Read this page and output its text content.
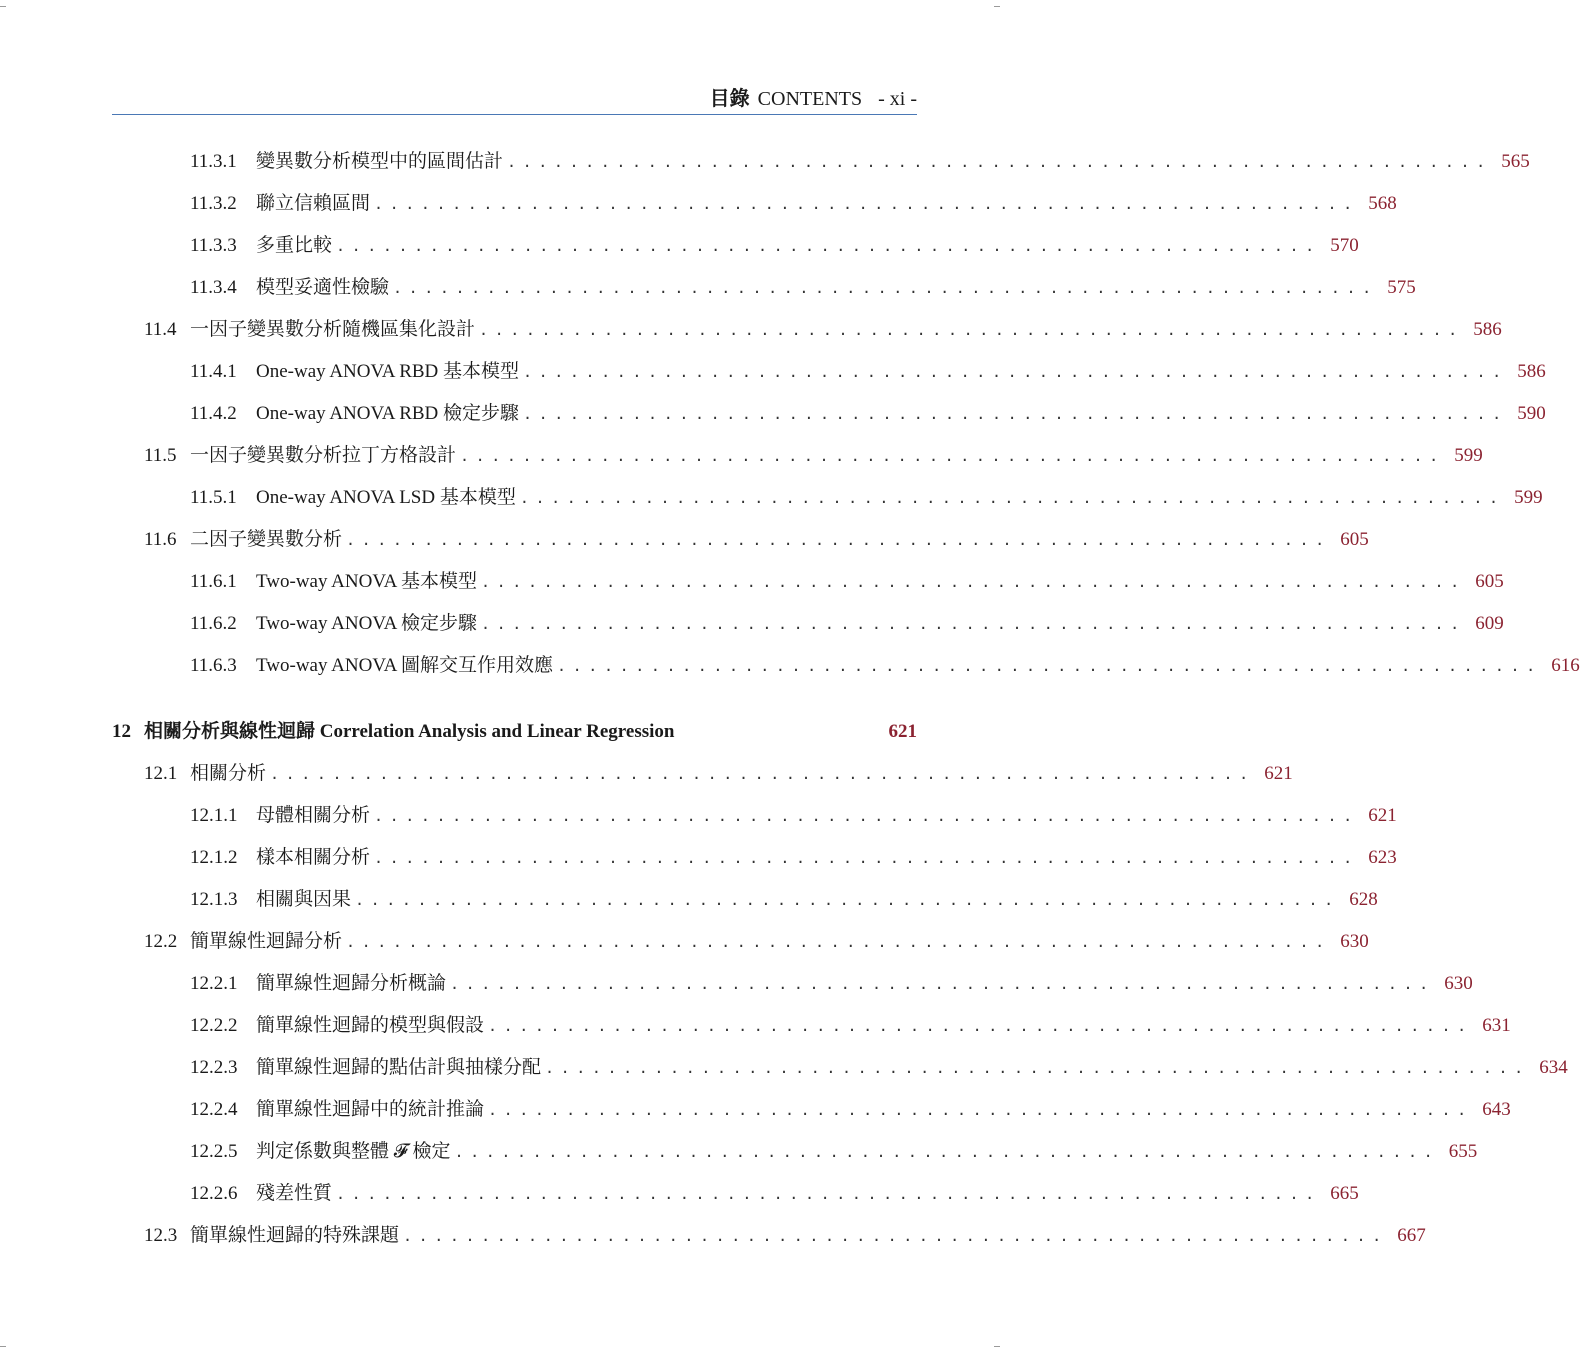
目錄 CONTENTS - xi -
11.3.1	變異數分析模型中的區間估計 ............................................................... 565
11.3.2	聯立信賴區間 ............................................................... 568
11.3.3	多重比較 ............................................................... 570
11.3.4	模型妥適性檢驗 ............................................................... 575
11.4 一因子變異數分析隨機區集化設計 ............................................................... 586
11.4.1	One-way ANOVA RBD 基本模型 ............................................................... 586
11.4.2	One-way ANOVA RBD 檢定步驟 ............................................................... 590
11.5 一因子變異數分析拉丁方格設計 ............................................................... 599
11.5.1	One-way ANOVA LSD 基本模型 ............................................................... 599
11.6 二因子變異數分析 ............................................................... 605
11.6.1	Two-way ANOVA 基本模型 ............................................................... 605
11.6.2	Two-way ANOVA 檢定步驟 ............................................................... 609
11.6.3	Two-way ANOVA 圖解交互作用效應 ............................................................... 616
12 相關分析與線性迴歸 Correlation Analysis and Linear Regression	621
12.1 相關分析 ............................................................... 621
12.1.1 母體相關分析 ............................................................... 621
12.1.2 樣本相關分析 ............................................................... 623
12.1.3 相關與因果 ............................................................... 628
12.2 簡單線性迴歸分析 ............................................................... 630
12.2.1 簡單線性迴歸分析概論 ............................................................... 630
12.2.2 簡單線性迴歸的模型與假設 ............................................................... 631
12.2.3 簡單線性迴歸的點估計與抽樣分配 ............................................................... 634
12.2.4 簡單線性迴歸中的統計推論 ............................................................... 643
12.2.5 判定係數與整體 𝓕 檢定 ............................................................... 655
12.2.6 殘差性質 ............................................................... 665
12.3 簡單線性迴歸的特殊課題 ............................................................... 667
